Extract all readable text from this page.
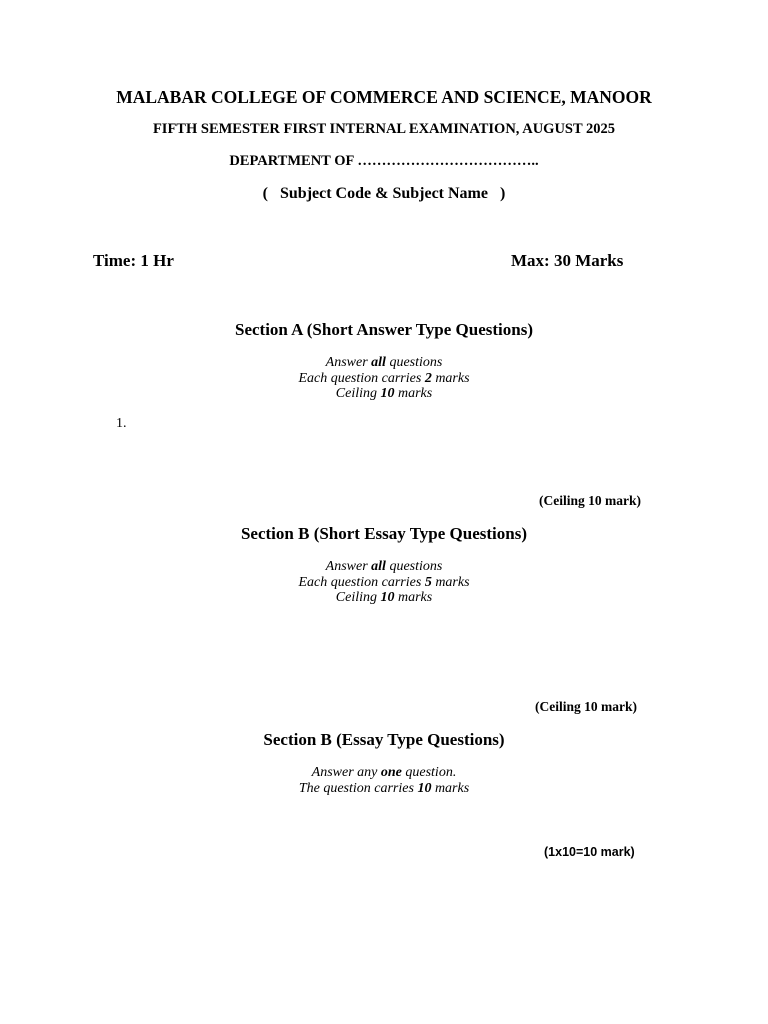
MALABAR COLLEGE OF COMMERCE AND SCIENCE, MANOOR
FIFTH SEMESTER FIRST INTERNAL EXAMINATION, AUGUST 2025
DEPARTMENT OF ………………………………..
(   Subject Code & Subject Name   )
Time: 1 Hr	Max: 30 Marks
Section A (Short Answer Type Questions)
Answer all questions
Each question carries 2 marks
Ceiling 10 marks
1.
(Ceiling 10 mark)
Section B (Short Essay Type Questions)
Answer all questions
Each question carries 5 marks
Ceiling 10 marks
(Ceiling 10 mark)
Section B (Essay Type Questions)
Answer any one question.
The question carries 10 marks
(1x10=10 mark)
